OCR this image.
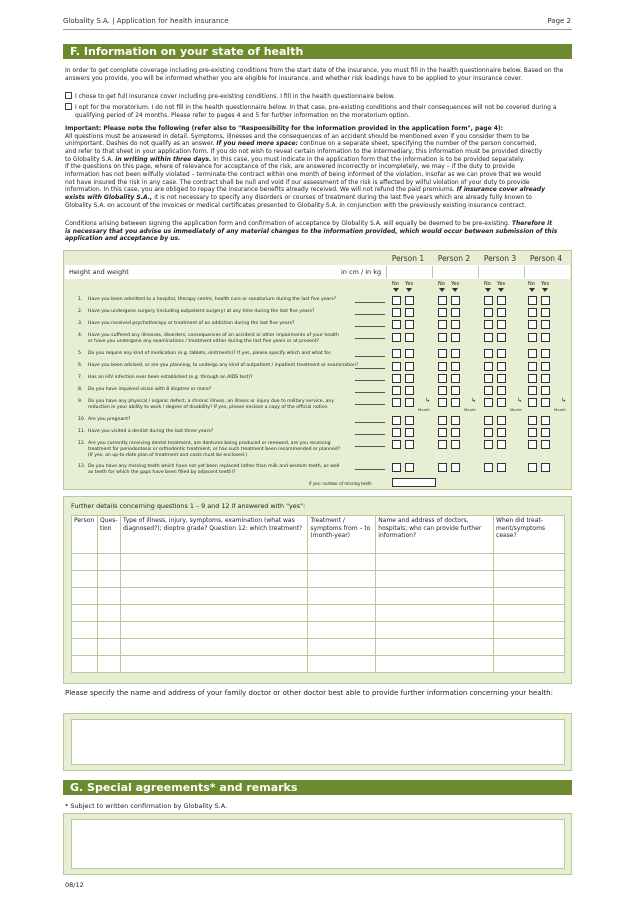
Globality S.A. | Application for health insurance	Page 2
F. Information on your state of health
In order to get complete coverage including pre-existing conditions from the start date of the insurance, you must fill in the health questionnaire below. Based on the answers you provide, you will be informed whether you are eligible for insurance, and whether risk loadings have to be applied to your insurance cover.
I chose to get full insurance cover including pre-existing conditions. I fill in the health questionnaire below.
I opt for the moratorium. I do not fill in the health questionnaire below. In that case, pre-existing conditions and their consequences will not be covered during a qualifying period of 24 months. Please refer to pages 4 and 5 for further information on the moratorium option.
Important: Please note the following (refer also to "Responsibility for the information provided in the application form", page 4):
All questions must be answered in detail. Symptoms, illnesses and the consequences of an accident should be mentioned even if you consider them to be
unimportant. Dashes do not qualify as an answer. If you need more space: continue on a separate sheet, specifying the number of the person concerned,
and refer to that sheet in your application form. If you do not wish to reveal certain information to the intermediary, this information must be provided directly
to Globality S.A. in writing within three days. In this case, you must indicate in the application form that the information is to be provided separately.
If the questions on this page, where of relevance for acceptance of the risk, are answered incorrectly or incompletely, we may – if the duty to provide
information has not been wilfully violated – terminate the contract within one month of being informed of the violation, insofar as we can prove that we would
not have insured the risk in any case. The contract shall be null and void if our assessment of the risk is affected by wilful violation of your duty to provide
information. In this case, you are obliged to repay the insurance benefits already received. We will not refund the paid premiums. If insurance cover already
exists with Globality S.A., it is not necessary to specify any disorders or courses of treatment during the last five years which are already fully known to
Globality S.A. on account of the invoices or medical certificates presented to Globality S.A. in conjunction with the previously existing insurance contract.
Conditions arising between signing the application form and confirmation of acceptance by Globality S.A. will equally be deemed to be pre-existing. Therefore it
is necessary that you advise us immediately of any material changes to the information provided, which would occur between submission of this
application and acceptance by us.
Height and weight	in cm / in kg
Person 1	Person 2	Person 3	Person 4
No Yes	No Yes	No Yes	No Yes
1. Have you been admitted to a hospital, therapy centre, health cure or sanatorium during the last five years?
2. Have you undergone surgery (including outpatient surgery) at any time during the last five years?
3. Have you received psychotherapy or treatment of an addiction during the last five years?
4. Have you suffered any illnesses, disorders, consequences of an accident or other impairments of your health
or have you undergone any examinations / treatment either during the last five years or at present?
5. Do you require any kind of medication (e.g. tablets, ointments)? If yes, please specify which and what for.
6. Have you been advised, or are you planning, to undergo any kind of outpatient / inpatient treatment or examination?
7. Has an HIV infection ever been established (e.g. through an AIDS test)?
8. Do you have impaired vision with 8 dioptres or more?
9. Do you have any physical / organic defect, a chronic illness, an illness or injury due to military service, any
reduction in your ability to work / degree of disability? If yes, please enclose a copy of the official notice.
10. Are you pregnant?
11. Have you visited a dentist during the last three years?
12. Are you currently receiving dental treatment, are dentures being produced or renewed, are you receiving
treatment for periodontosis or orthodontic treatment, or has such treatment been recommended or planned?
(If yes, an up-to-date plan of treatment and costs must be enclosed.)
13. Do you have any missing teeth which have not yet been replaced (other than milk and wisdom teeth, as well
as teeth for which the gaps have been filled by adjacent teeth)?
↳
Month
↳
Month
↳
Month
↳
Month
If yes: number of missing teeth
Further details concerning questions 1 – 9 and 12 if answered with "yes":
Person	Ques-tion	Type of illness, injury, symptoms, examination (what was diagnosed?); dioptre grade? Question 12: which treatment?	Treatment / symptoms from – to (month-year)	Name and address of doctors, hospitals; who can provide further information?	When did treat-ment/symptoms cease?

Please specify the name and address of your family doctor or other doctor best able to provide further information concerning your health:
G. Special agreements* and remarks
* Subject to written confirmation by Globality S.A.
08/12
